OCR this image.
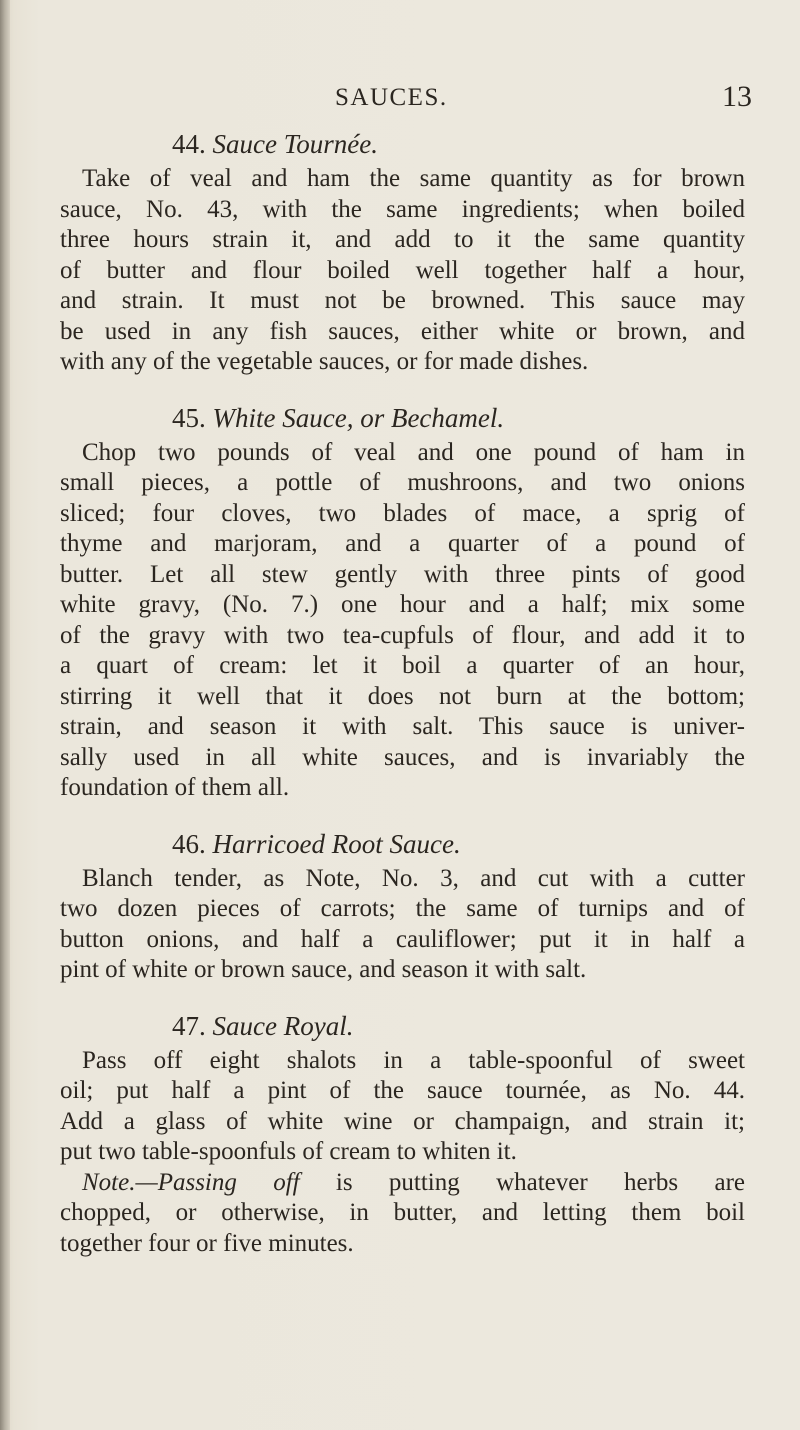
SAUCES.	13
44. Sauce Tournée.
Take of veal and ham the same quantity as for brown
sauce, No. 43, with the same ingredients; when boiled
three hours strain it, and add to it the same quantity
of butter and flour boiled well together half a hour,
and strain. It must not be browned. This sauce may
be used in any fish sauces, either white or brown, and
with any of the vegetable sauces, or for made dishes.
45. White Sauce, or Bechamel.
Chop two pounds of veal and one pound of ham in
small pieces, a pottle of mushroons, and two onions
sliced; four cloves, two blades of mace, a sprig of
thyme and marjoram, and a quarter of a pound of
butter. Let all stew gently with three pints of good
white gravy, (No. 7.) one hour and a half; mix some
of the gravy with two tea-cupfuls of flour, and add it to
a quart of cream: let it boil a quarter of an hour,
stirring it well that it does not burn at the bottom;
strain, and season it with salt. This sauce is univer-
sally used in all white sauces, and is invariably the
foundation of them all.
46. Harricoed Root Sauce.
Blanch tender, as Note, No. 3, and cut with a cutter
two dozen pieces of carrots; the same of turnips and of
button onions, and half a cauliflower; put it in half a
pint of white or brown sauce, and season it with salt.
47. Sauce Royal.
Pass off eight shalots in a table-spoonful of sweet
oil; put half a pint of the sauce tournée, as No. 44.
Add a glass of white wine or champaign, and strain it;
put two table-spoonfuls of cream to whiten it.
Note.—Passing off is putting whatever herbs are
chopped, or otherwise, in butter, and letting them boil
together four or five minutes.
